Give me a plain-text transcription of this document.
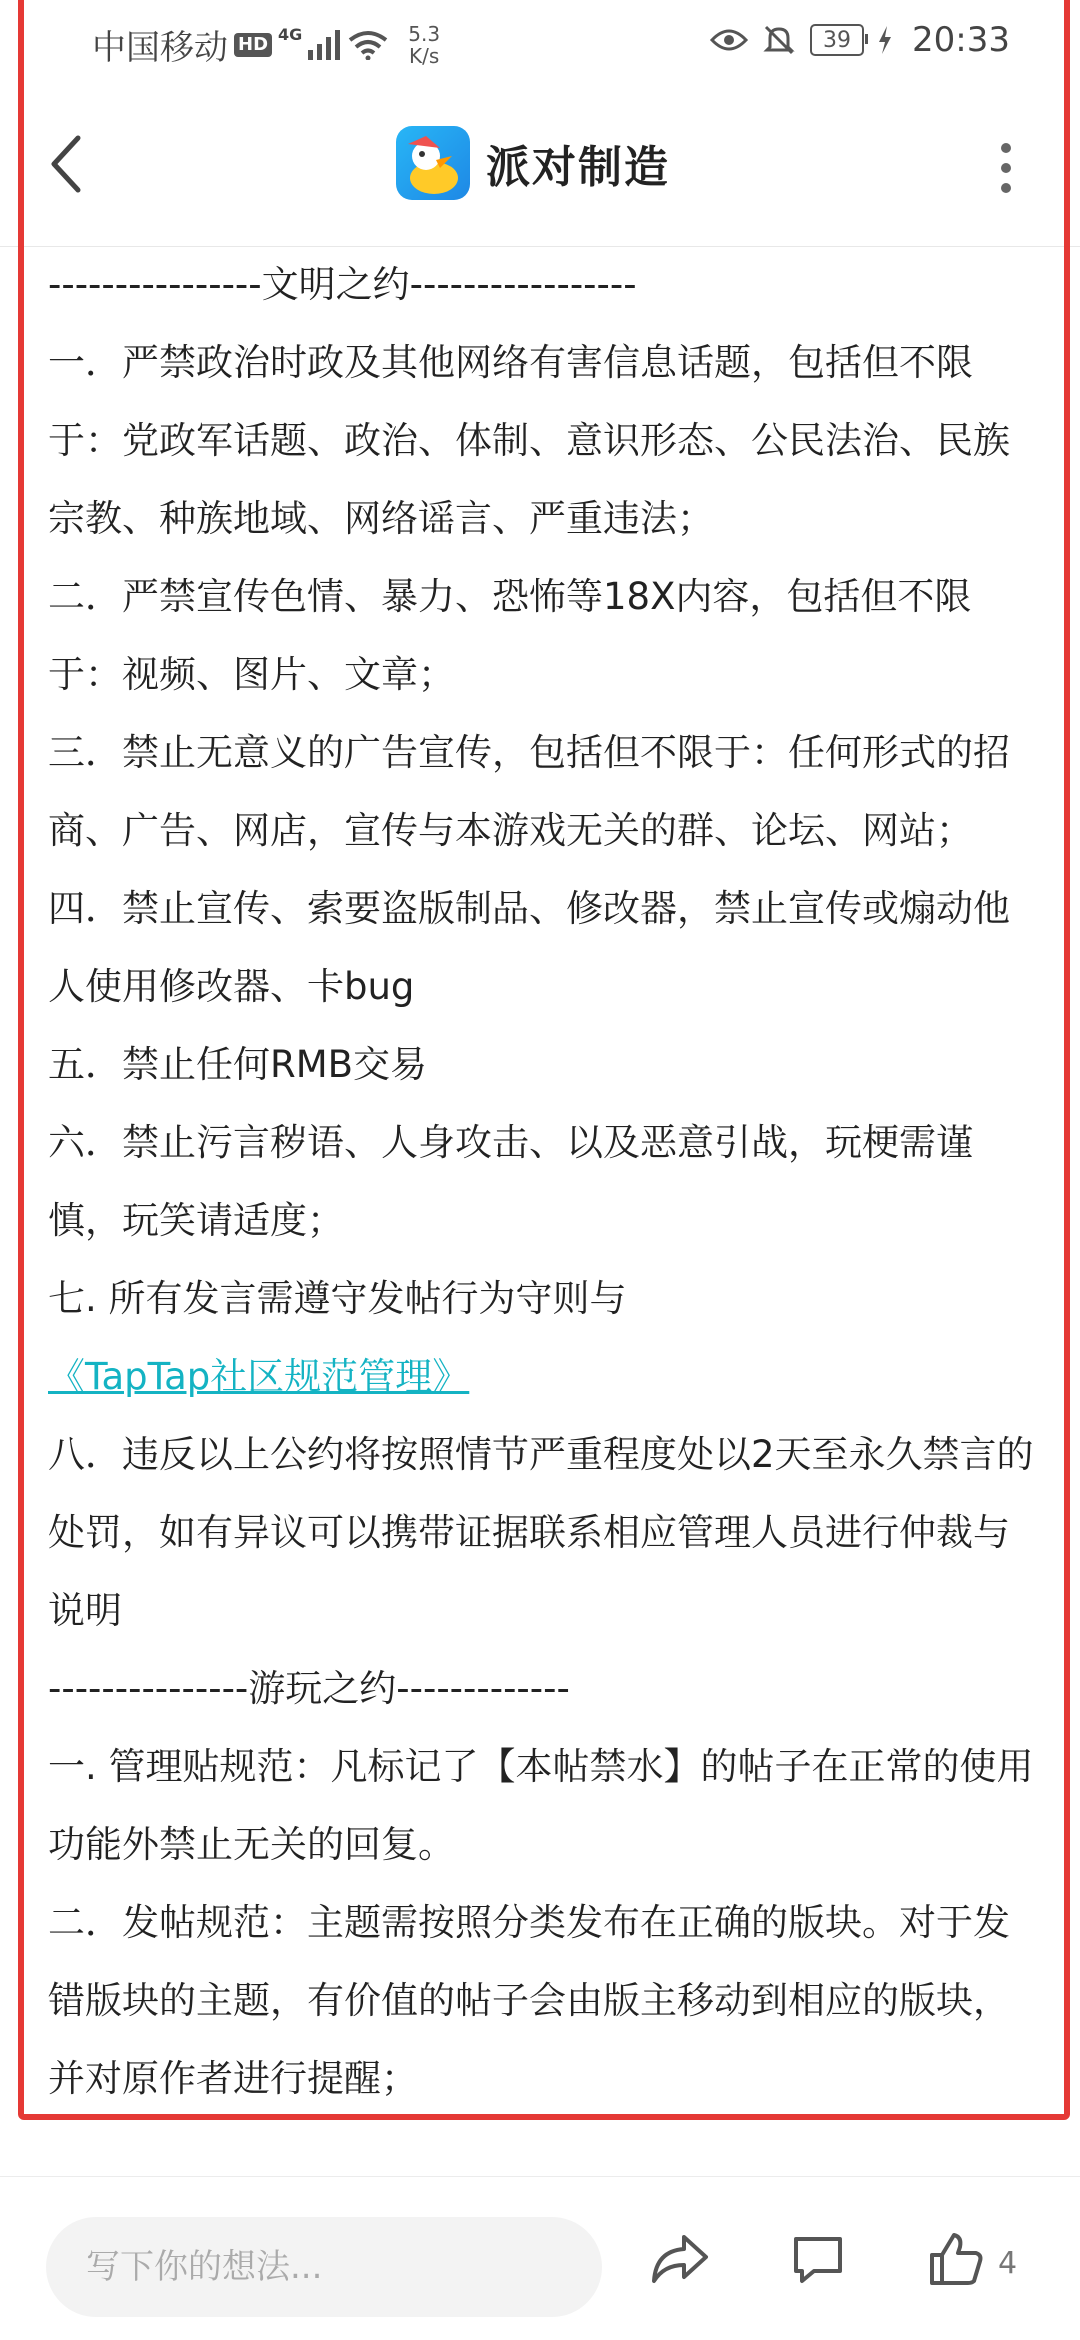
中国移动 HD 4G	5.3
K/s
39	20:33
派对制造

----------------文明之约-----------------

一．严禁政治时政及其他网络有害信息话题，包括但不限于：党政军话题、政治、体制、意识形态、公民法治、民族宗教、种族地域、网络谣言、严重违法；

二．严禁宣传色情、暴力、恐怖等18X内容，包括但不限于：视频、图片、文章；

三．禁止无意义的广告宣传，包括但不限于：任何形式的招商、广告、网店，宣传与本游戏无关的群、论坛、网站；

四．禁止宣传、索要盗版制品、修改器，禁止宣传或煽动他人使用修改器、卡bug

五．禁止任何RMB交易

六．禁止污言秽语、人身攻击、以及恶意引战，玩梗需谨慎，玩笑请适度；

七. 所有发言需遵守发帖行为守则与《TapTap社区规范管理》

八．违反以上公约将按照情节严重程度处以2天至永久禁言的处罚，如有异议可以携带证据联系相应管理人员进行仲裁与说明

---------------游玩之约-------------

一. 管理贴规范：凡标记了【本帖禁水】的帖子在正常的使用功能外禁止无关的回复。

二．发帖规范：主题需按照分类发布在正确的版块。对于发错版块的主题，有价值的帖子会由版主移动到相应的版块，并对原作者进行提醒；

写下你的想法...
4
